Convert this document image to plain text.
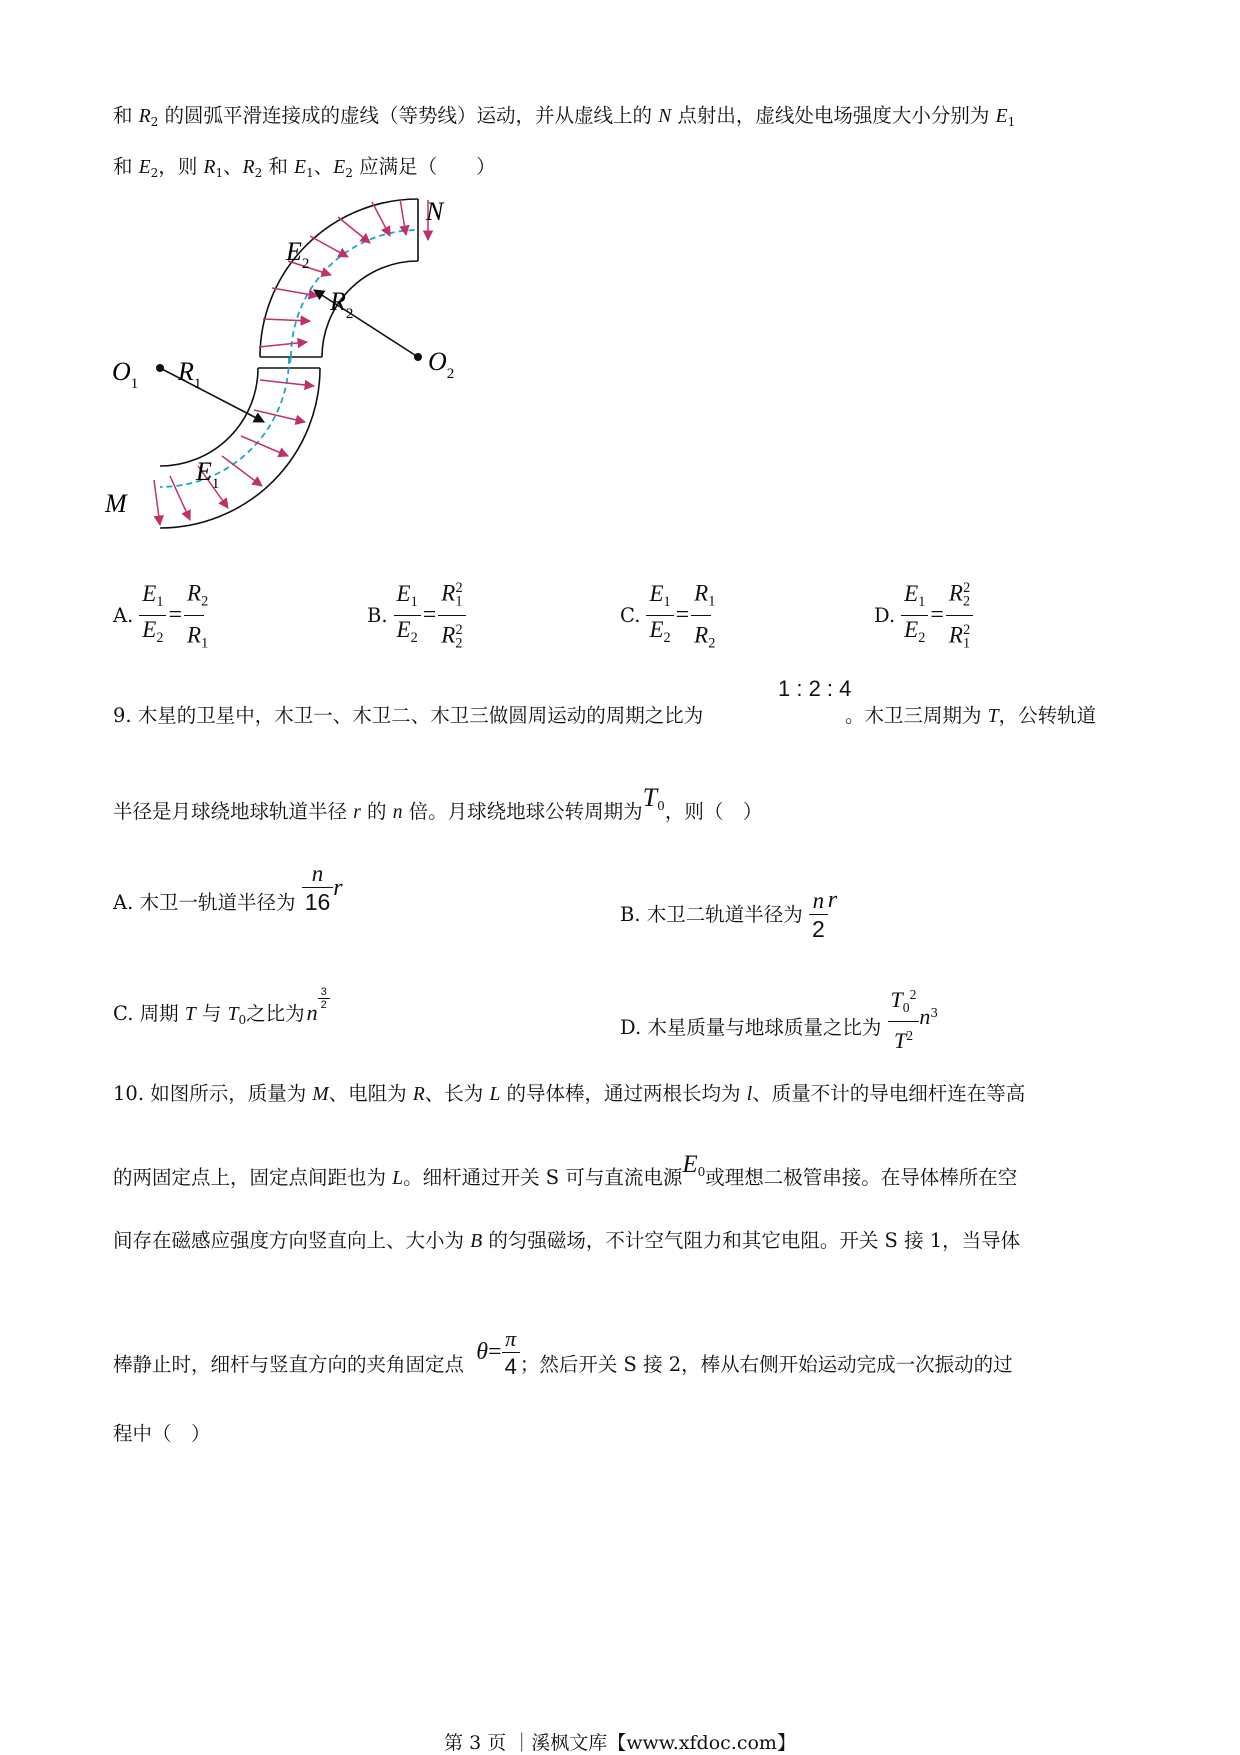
和 $R_2$ 的圆弧平滑连接成的虚线（等势线）运动，并从虚线上的 N 点射出，虚线处电场强度大小分别为 $E_1$
和 $E_2$，则 $R_1$、$R_2$ 和 $E_1$、$E_2$ 应满足（　　）
N
M
$E_2$
$E_1$
$R_2$
$R_1$
$O_1$
$O_2$
A. $\frac{E_1}{E_2} = \frac{R_2}{R_1}$	B. $\frac{E_1}{E_2} = \frac{R_1^2}{R_2^2}$	C. $\frac{E_1}{E_2} = \frac{R_1}{R_2}$	D. $\frac{E_1}{E_2} = \frac{R_2^2}{R_1^2}$
9. 木星的卫星中，木卫一、木卫二、木卫三做圆周运动的周期之比为
1 : 2 : 4
。木卫三周期为 T，公转轨道
半径是月球绕地球轨道半径 r 的 n 倍。月球绕地球公转周期为$T^0$，则（　）
A. 木卫一轨道半径为 $\frac{n}{16}$ r
B. 木卫二轨道半径为 $\frac{n}{2}$ r
C. 周期 T 与 $T_0$之比为n
$\frac{3}{2}$
D. 木星质量与地球质量之比为 $\frac{T_0^2}{T^2} n^3$
10. 如图所示，质量为 M、电阻为 R、长为 L 的导体棒，通过两根长均为 l、质量不计的导电细杆连在等高
的两固定点上，固定点间距也为 L。细杆通过开关 S 可与直流电源$E^0$或理想二极管串接。在导体棒所在空
间存在磁感应强度方向竖直向上、大小为 B 的匀强磁场，不计空气阻力和其它电阻。开关 S 接 1，当导体
棒静止时，细杆与竖直方向的夹角固定点 $\theta= \frac{\pi}{4}$ ；然后开关 S 接 2，棒从右侧开始运动完成一次振动的过
程中（　）
第 3 页 ｜溪枫文库【www.xfdoc.com】
